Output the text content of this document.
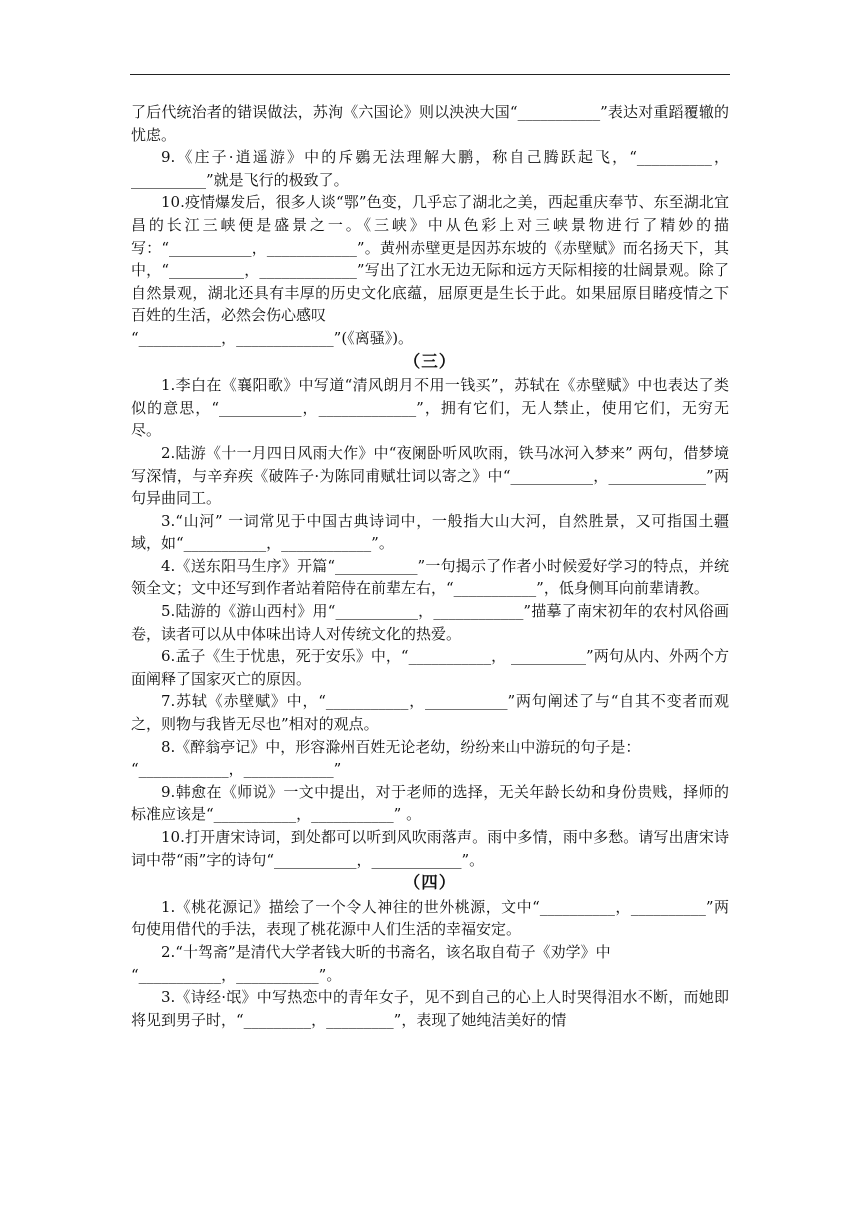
了后代统治者的错误做法，苏洵《六国论》则以泱泱大国“___________”表达对重蹈覆辙的忧虑。

9.《庄子·逍遥游》中的斥鷃无法理解大鹏，称自己腾跃起飞，“__________，__________”就是飞行的极致了。

10.疫情爆发后，很多人谈“鄂”色变，几乎忘了湖北之美，西起重庆奉节、东至湖北宜昌的长江三峡便是盛景之一。《三峡》中从色彩上对三峡景物进行了精妙的描写：“___________，____________”。黄州赤壁更是因苏东坡的《赤壁赋》而名扬天下，其中，“__________，_____________”写出了江水无边无际和远方天际相接的壮阔景观。除了自然景观，湖北还具有丰厚的历史文化底蕴，屈原更是生长于此。如果屈原目睹疫情之下百姓的生活，必然会伤心感叹

“___________，_____________”(《离骚》)。

（三）

1.李白在《襄阳歌》中写道“清风朗月不用一钱买”，苏轼在《赤壁赋》中也表达了类似的意思，“___________，_____________”，拥有它们，无人禁止，使用它们，无穷无尽。

2.陆游《十一月四日风雨大作》中“夜阑卧听风吹雨，铁马冰河入梦来” 两句，借梦境写深情，与辛弃疾《破阵子·为陈同甫赋壮词以寄之》中“___________，_____________”两句异曲同工。

3.“山河” 一词常见于中国古典诗词中，一般指大山大河，自然胜景，又可指国土疆 域，如“___________，____________”。

4.《送东阳马生序》开篇“___________”一句揭示了作者小时候爱好学习的特点，并统领全文；文中还写到作者站着陪侍在前辈左右，“___________”，低身侧耳向前辈请教。

5.陆游的《游山西村》用“___________，____________”描摹了南宋初年的农村风俗画卷，读者可以从中体味出诗人对传统文化的热爱。

6.孟子《生于忧患，死于安乐》中，“___________， __________”两句从内、外两个方面阐释了国家灭亡的原因。

7.苏轼《赤壁赋》中，“___________，___________”两句阐述了与“自其不变者而观之，则物与我皆无尽也”相对的观点。

8.《醉翁亭记》中，形容滁州百姓无论老幼，纷纷来山中游玩的句子是：

“____________，____________”

9.韩愈在《师说》一文中提出，对于老师的选择，无关年龄长幼和身份贵贱，择师的标准应该是“___________，___________” 。

10.打开唐宋诗词，到处都可以听到风吹雨落声。雨中多情，雨中多愁。请写出唐宋诗词中带“雨”字的诗句“___________，____________”。

（四）

1.《桃花源记》描绘了一个令人神往的世外桃源，文中“__________，__________”两句使用借代的手法，表现了桃花源中人们生活的幸福安定。

2.“十驾斋”是清代大学者钱大昕的书斋名，该名取自荀子《劝学》中

“___________，___________”。

3.《诗经·氓》中写热恋中的青年女子，见不到自己的心上人时哭得泪水不断，而她即将见到男子时，“_________，_________”，表现了她纯洁美好的情
